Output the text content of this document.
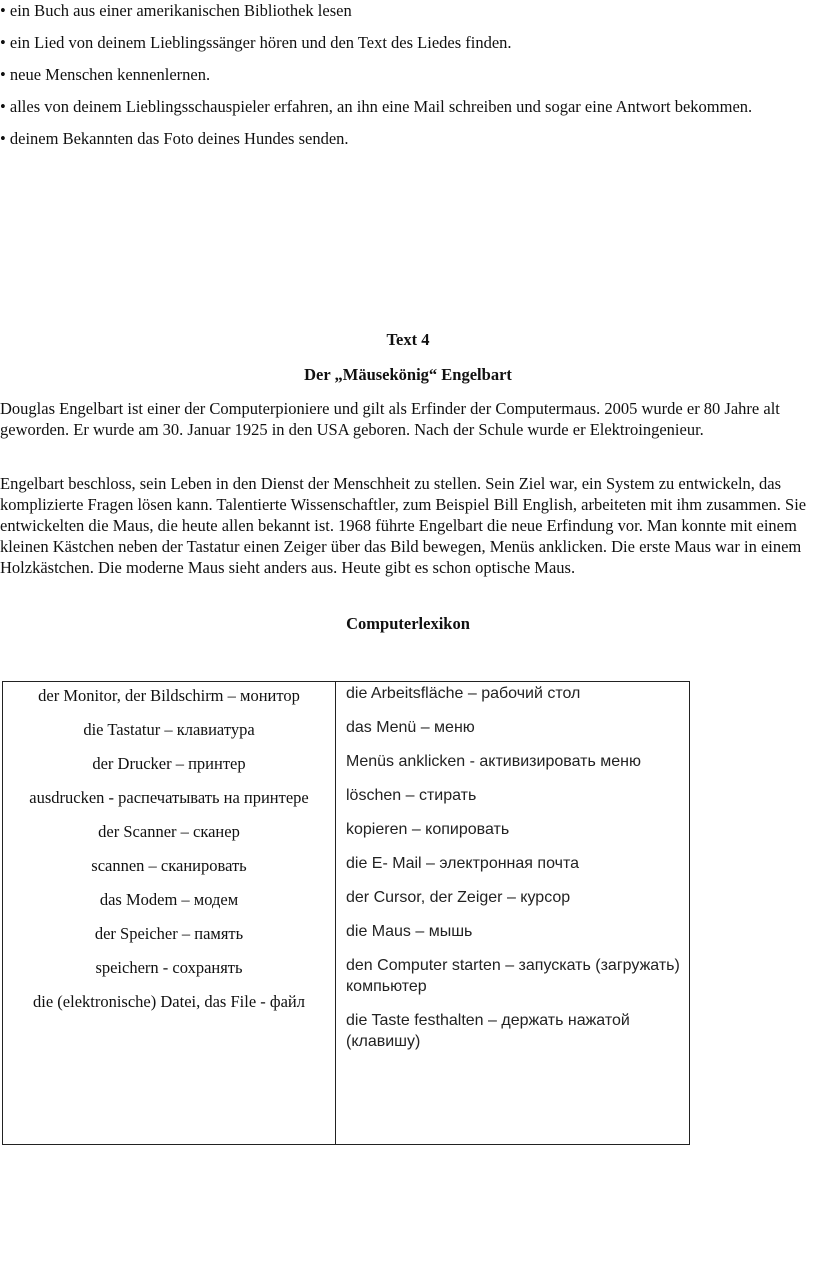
• ein Buch aus einer amerikanischen Bibliothek lesen
• ein Lied von deinem Lieblingssänger hören und den Text des Liedes finden.
• neue Menschen kennenlernen.
• alles von deinem Lieblingsschauspieler erfahren, an ihn eine Mail schreiben und sogar eine Antwort bekommen.
• deinem Bekannten das Foto deines Hundes senden.
Text 4
Der „Mäusekönig“ Engelbart

Douglas Engelbart ist einer der Computerpioniere und gilt als Erfinder der Computermaus. 2005 wurde er 80 Jahre alt geworden. Er wurde am 30. Januar 1925 in den USA geboren. Nach der Schule wurde er Elektroingenieur.

Engelbart beschloss, sein Leben in den Dienst der Menschheit zu stellen. Sein Ziel war, ein System zu entwickeln, das komplizierte Fragen lösen kann. Talentierte Wissenschaftler, zum Beispiel Bill English, arbeiteten mit ihm zusammen. Sie entwickelten die Maus, die heute allen bekannt ist. 1968 führte Engelbart die neue Erfindung vor. Man konnte mit einem kleinen Kästchen neben der Tastatur einen Zeiger über das Bild bewegen, Menüs anklicken. Die erste Maus war in einem Holzkästchen. Die moderne Maus sieht anders aus. Heute gibt es schon optische Maus.

Computerlexikon
der Monitor, der Bildschirm – монитор
die Tastatur – клавиатура
der Drucker – принтер
ausdrucken - распечатывать на принтере
der Scanner – сканер
scannen – сканировать
das Modem – модем
der Speicher – память
speichern - сохранять
die (elektronische) Datei, das File - файл
die Arbeitsfläche – рабочий стол
das Menü – меню
Menüs anklicken - активизировать меню
löschen – стирать
kopieren – копировать
die E- Mail – электронная почта
der Cursor, der Zeiger – курсор
die Maus – мышь
den Computer starten – запускать (загружать) компьютер
die Taste festhalten – держать нажатой (клавишу)
